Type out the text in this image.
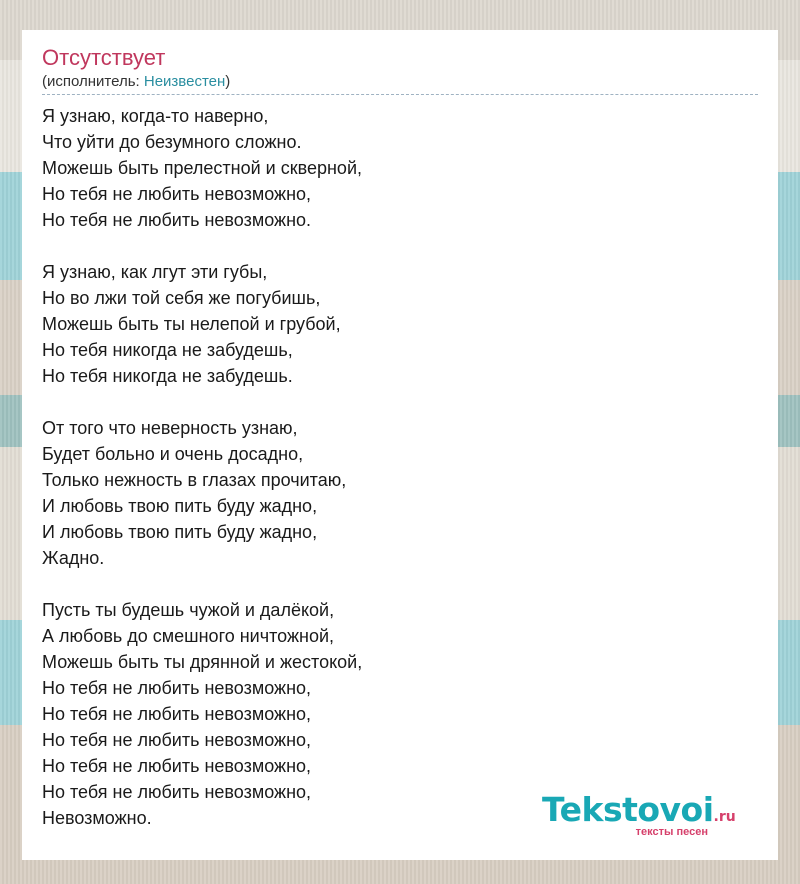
Отсутствует
(исполнитель: Неизвестен)
Я узнаю, когда-то наверно,
Что уйти до безумного сложно.
Можешь быть прелестной и скверной,
Но тебя не любить невозможно,
Но тебя не любить невозможно.
Я узнаю, как лгут эти губы,
Но во лжи той себя же погубишь,
Можешь быть ты нелепой и грубой,
Но тебя никогда не забудешь,
Но тебя никогда не забудешь.
От того что неверность узнаю,
Будет больно и очень досадно,
Только нежность в глазах прочитаю,
И любовь твою пить буду жадно,
И любовь твою пить буду жадно,
Жадно.
Пусть ты будешь чужой и далёкой,
А любовь до смешного ничтожной,
Можешь быть ты дрянной и жестокой,
Но тебя не любить невозможно,
Но тебя не любить невозможно,
Но тебя не любить невозможно,
Но тебя не любить невозможно,
Но тебя не любить невозможно,
Невозможно.	Tekstovoi.ru
тексты песен
